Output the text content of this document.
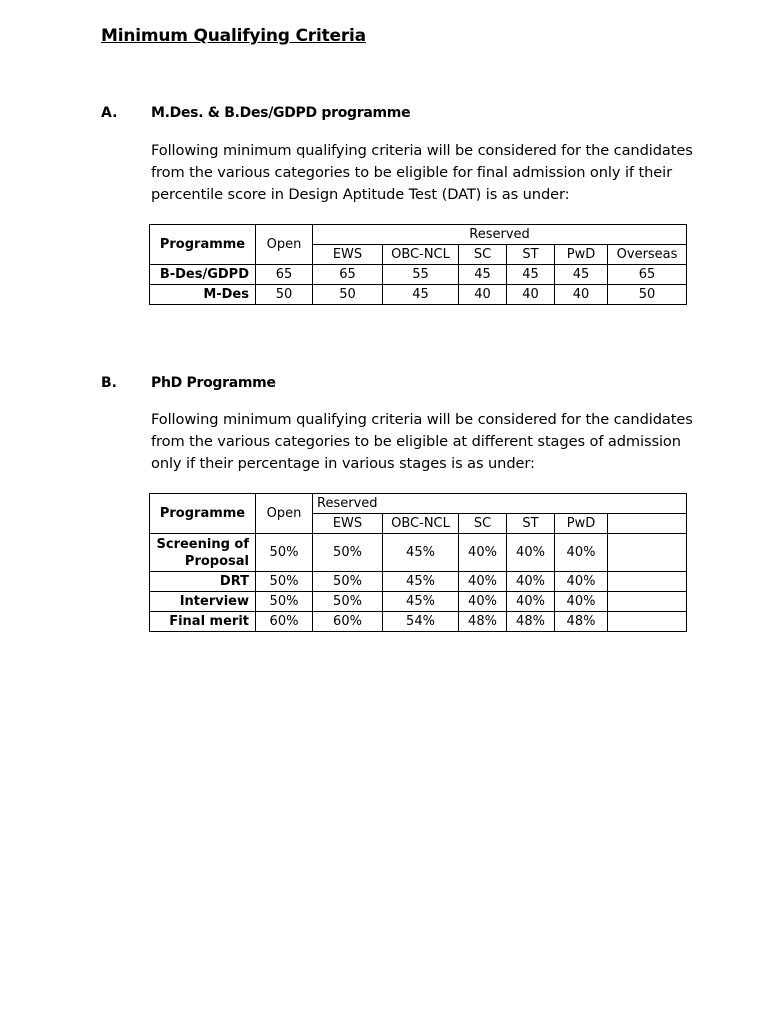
Minimum Qualifying Criteria
A. M.Des. & B.Des/GDPD programme
Following minimum qualifying criteria will be considered for the candidates
from the various categories to be eligible for final admission only if their
percentile score in Design Aptitude Test (DAT) is as under:
Programme	Open	Reserved					
		EWS	OBC-NCL	SC	ST	PwD	Overseas
B-Des/GDPD	65	65	55	45	45	45	65
M-Des	50	50	45	40	40	40	50
B. PhD Programme
Following minimum qualifying criteria will be considered for the candidates
from the various categories to be eligible at different stages of admission
only if their percentage in various stages is as under:
Programme	Open	Reserved					
		EWS	OBC-NCL	SC	ST	PwD	

Screening of
Proposal	50%	50%	45%	40%	40%	40%	
DRT	50%	50%	45%	40%	40%	40%	
Interview	50%	50%	45%	40%	40%	40%	
Final merit	60%	60%	54%	48%	48%	48%	
